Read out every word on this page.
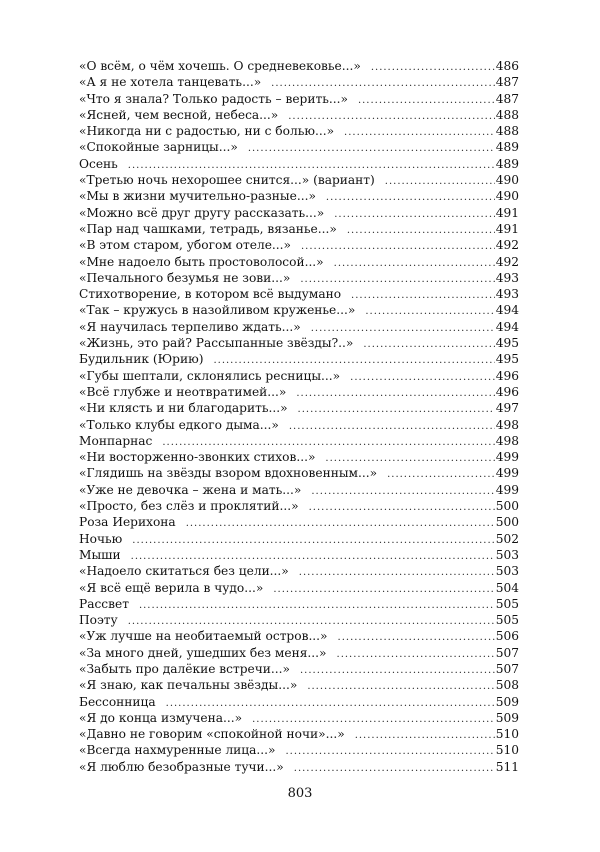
«О всём, о чём хочешь. О средневековье...» .....	486
«А я не хотела танцевать...» .....	487
«Что я знала? Только радость – верить...» .....	487
«Ясней, чем весной, небеса...» .....	488
«Никогда ни с радостью, ни с болью...» .....	488
«Спокойные зарницы...» .....	489
Осень .....	489
«Третью ночь нехорошее снится...» (вариант) .....	490
«Мы в жизни мучительно-разные...» .....	490
«Можно всё друг другу рассказать...» .....	491
«Пар над чашками, тетрадь, вязанье...» .....	491
«В этом старом, убогом отеле...» .....	492
«Мне надоело быть простоволосой...» .....	492
«Печального безумья не зови...» .....	493
Стихотворение, в котором всё выдумано .....	493
«Так – кружусь в назойливом круженье...» .....	494
«Я научилась терпеливо ждать...» .....	494
«Жизнь, это рай? Рассыпанные звёзды?..» .....	495
Будильник (Юрию) .....	495
«Губы шептали, склонялись ресницы...» .....	496
«Всё глубже и неотвратимей...» .....	496
«Ни клясть и ни благодарить...» .....	497
«Только клубы едкого дыма...» .....	498
Монпарнас .....	498
«Ни восторженно-звонких стихов...» .....	499
«Глядишь на звёзды взором вдохновенным...» .....	499
«Уже не девочка – жена и мать...» .....	499
«Просто, без слёз и проклятий...» .....	500
Роза Иерихона .....	500
Ночью .....	502
Мыши .....	503
«Надоело скитаться без цели...» .....	503
«Я всё ещё верила в чудо...» .....	504
Рассвет .....	505
Поэту .....	505
«Уж лучше на необитаемый остров...» .....	506
«За много дней, ушедших без меня...» .....	507
«Забыть про далёкие встречи...» .....	507
«Я знаю, как печальны звёзды...» .....	508
Бессонница .....	509
«Я до конца измучена...» .....	509
«Давно не говорим «спокойной ночи»...» .....	510
«Всегда нахмуренные лица...» .....	510
«Я люблю безобразные тучи...» .....	511
803
